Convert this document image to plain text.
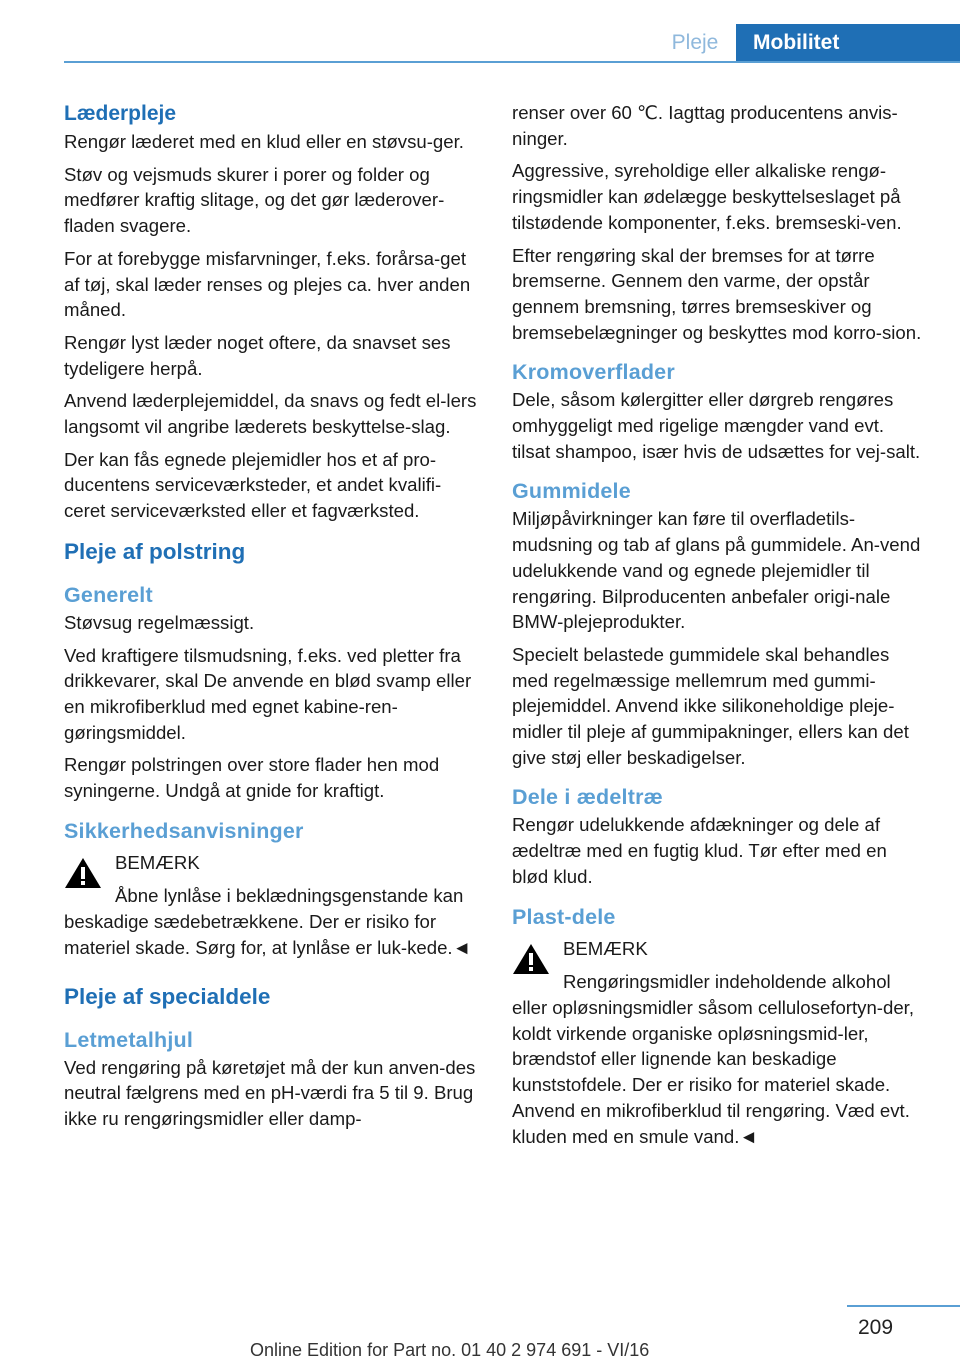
Pleje	Mobilitet
Læderpleje

Rengør læderet med en klud eller en støvsu-ger.

Støv og vejsmuds skurer i porer og folder og medfører kraftig slitage, og det gør læderover-fladen svagere.

For at forebygge misfarvninger, f.eks. forårsa-get af tøj, skal læder renses og plejes ca. hver anden måned.

Rengør lyst læder noget oftere, da snavset ses tydeligere herpå.

Anvend læderplejemiddel, da snavs og fedt el-lers langsomt vil angribe læderets beskyttelse-slag.

Der kan fås egnede plejemidler hos et af pro-ducentens serviceværksteder, et andet kvalifi-ceret serviceværksted eller et fagværksted.

Pleje af polstring
Generelt

Støvsug regelmæssigt.

Ved kraftigere tilsmudsning, f.eks. ved pletter fra drikkevarer, skal De anvende en blød svamp eller en mikrofiberklud med egnet kabine-ren-gøringsmiddel.

Rengør polstringen over store flader hen mod syningerne. Undgå at gnide for kraftigt.

Sikkerhedsanvisninger

BEMÆRK

Åbne lynlåse i beklædningsgenstande kan beskadige sædebetrækkene. Der er risiko for materiel skade. Sørg for, at lynlåse er luk-kede.◄

Pleje af specialdele
Letmetalhjul

Ved rengøring på køretøjet må der kun anven-des neutral fælgrens med en pH-værdi fra 5 til 9. Brug ikke ru rengøringsmidler eller damp-

renser over 60 ℃. Iagttag producentens anvis-ninger.

Aggressive, syreholdige eller alkaliske rengø-ringsmidler kan ødelægge beskyttelseslaget på tilstødende komponenter, f.eks. bremseski-ven.

Efter rengøring skal der bremses for at tørre bremserne. Gennem den varme, der opstår gennem bremsning, tørres bremseskiver og bremsebelægninger og beskyttes mod korro-sion.

Kromoverflader

Dele, såsom kølergitter eller dørgreb rengøres omhyggeligt med rigelige mængder vand evt. tilsat shampoo, især hvis de udsættes for vej-salt.

Gummidele

Miljøpåvirkninger kan føre til overfladetils-mudsning og tab af glans på gummidele. An-vend udelukkende vand og egnede plejemidler til rengøring. Bilproducenten anbefaler origi-nale BMW-plejeprodukter.

Specielt belastede gummidele skal behandles med regelmæssige mellemrum med gummi-plejemiddel. Anvend ikke silikoneholdige pleje-midler til pleje af gummipakninger, ellers kan det give støj eller beskadigelser.

Dele i ædeltræ

Rengør udelukkende afdækninger og dele af ædeltræ med en fugtig klud. Tør efter med en blød klud.

Plast-dele

BEMÆRK

Rengøringsmidler indeholdende alkohol eller opløsningsmidler såsom cellulosefortyn-der, koldt virkende organiske opløsningsmid-ler, brændstof eller lignende kan beskadige kunststofdele. Der er risiko for materiel skade. Anvend en mikrofiberklud til rengøring. Væd evt. kluden med en smule vand.◄

209
Online Edition for Part no. 01 40 2 974 691 - VI/16
